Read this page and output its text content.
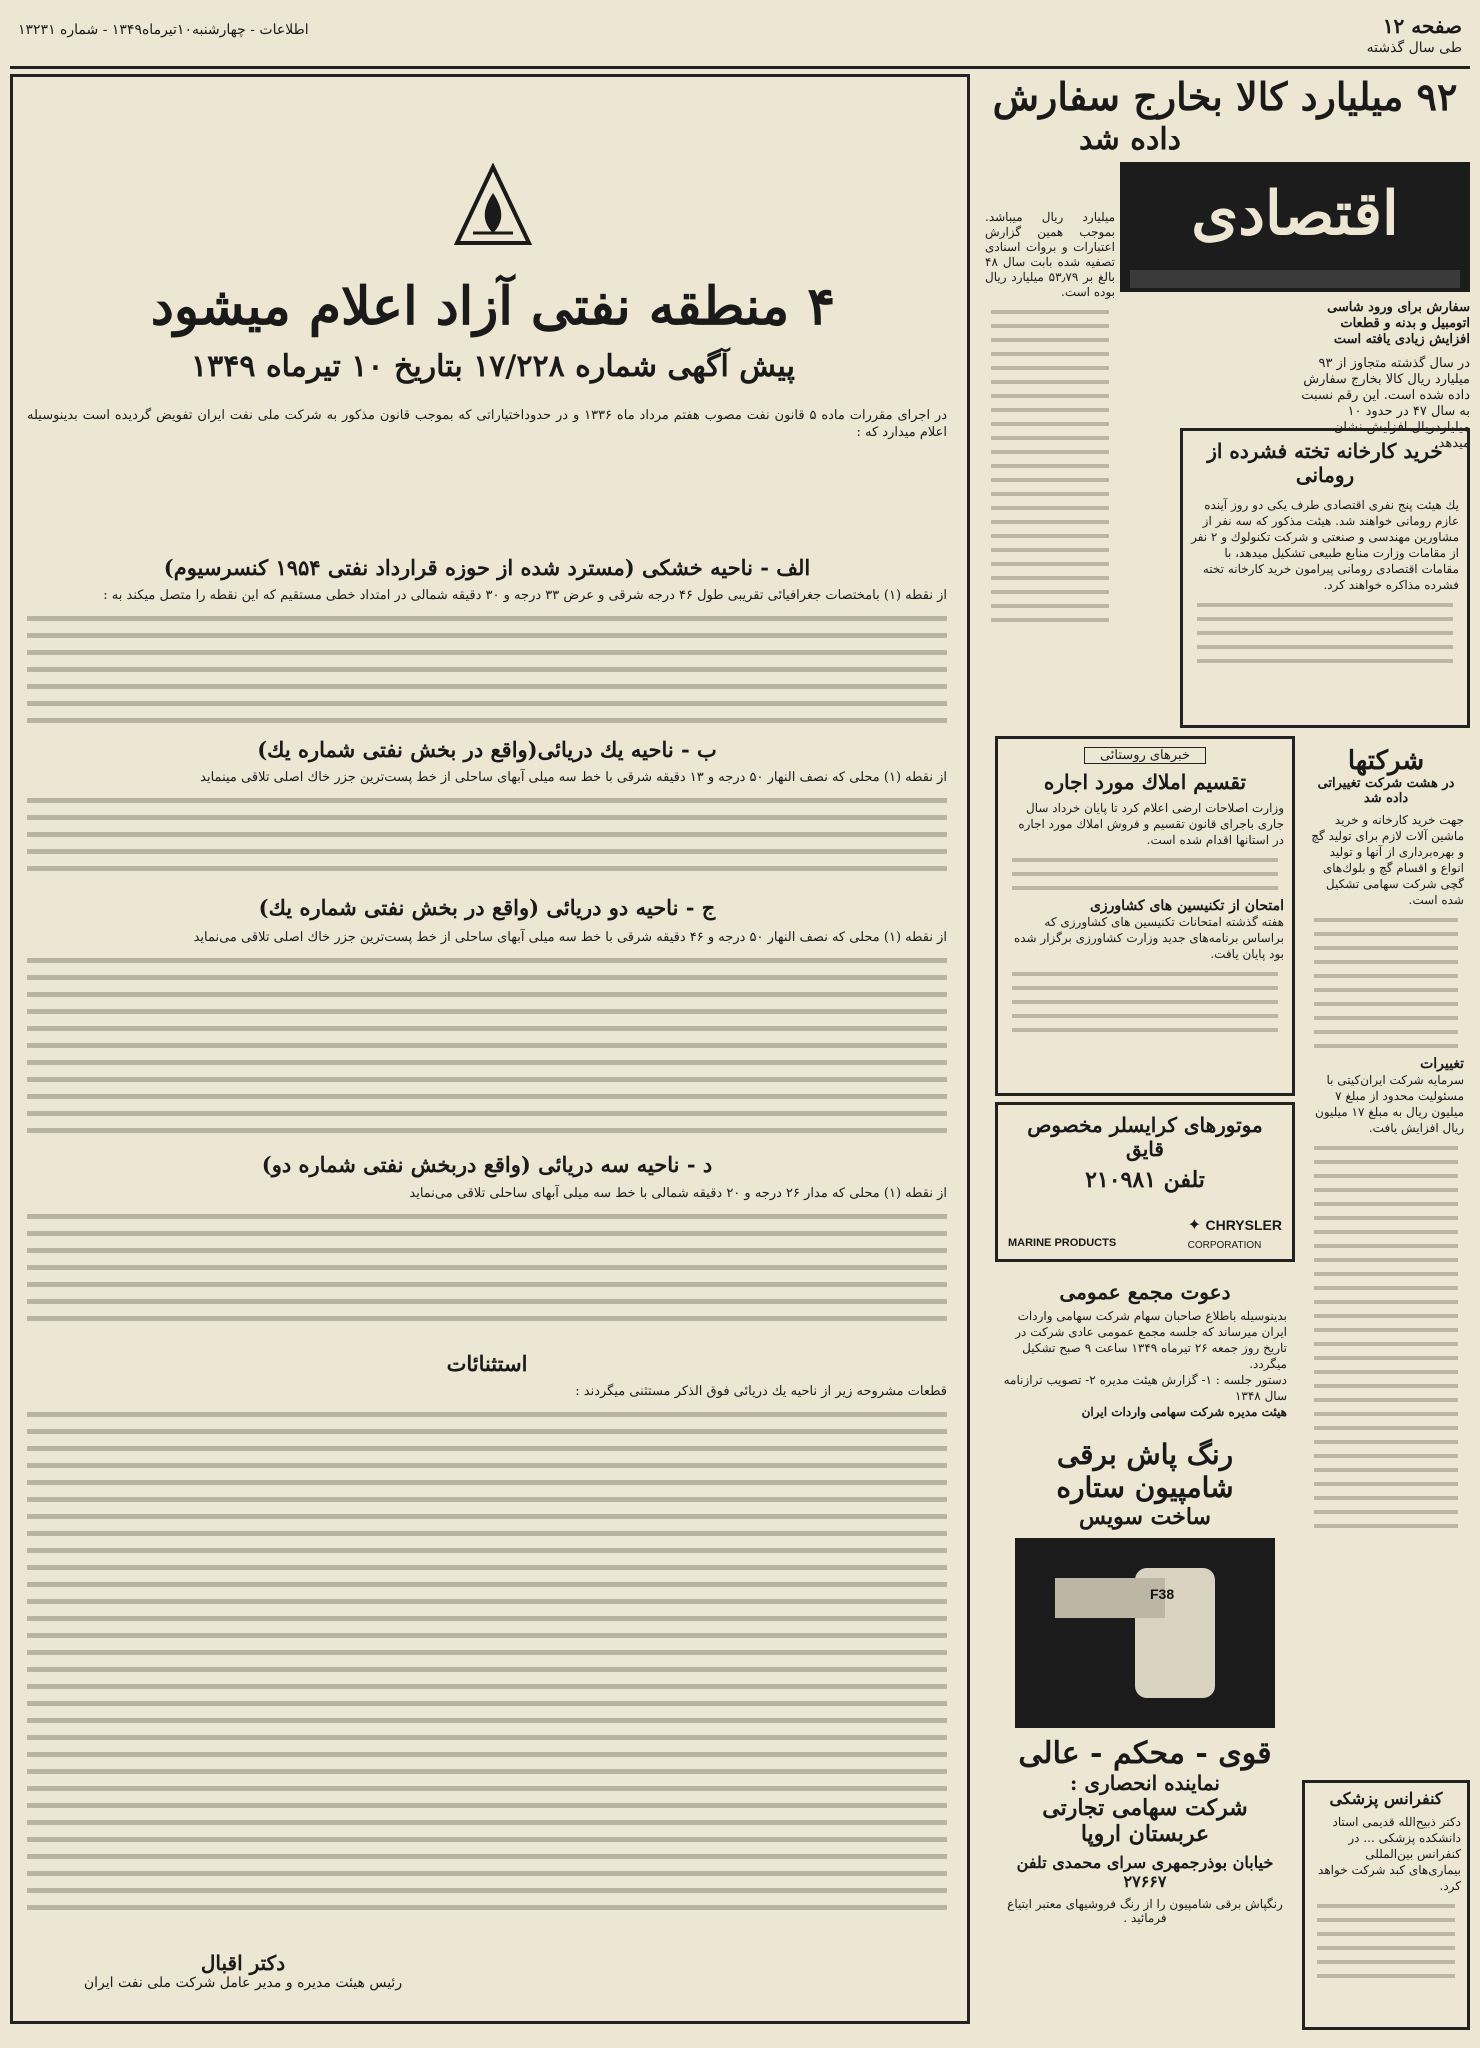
صفحه ۱۲
طی سال گذشته
اطلاعات - چهارشنبه۱۰تیرماه۱۳۴۹ - شماره ۱۳۲۳۱
۴ منطقه نفتی آزاد اعلام میشود
پیش آگهی شماره ۱۷/۲۲۸ بتاریخ ۱۰ تیرماه ۱۳۴۹
در اجرای مقررات ماده ۵ قانون نفت مصوب هفتم مرداد ماه ۱۳۳۶ و در حدوداختیاراتی که بموجب قانون مذکور به شرکت ملی نفت ایران تفویض گردیده است بدینوسیله اعلام میدارد که :
الف - ناحیه خشکی (مسترد شده از حوزه قرارداد نفتی ۱۹۵۴ کنسرسیوم)
از نقطه (۱) بامختصات جغرافیائی تقریبی طول ۴۶ درجه شرقی و عرض ۳۳ درجه و ۳۰ دقیقه شمالی در امتداد خطی مستقیم که این نقطه را متصل میکند به :
ب - ناحیه یك دریائی(واقع در بخش نفتی شماره یك)
از نقطه (۱) محلی که نصف النهار ۵۰ درجه و ۱۳ دقیقه شرقی با خط سه میلی آبهای ساحلی از خط پست‌ترین جزر خاك اصلی تلاقی مینماید
ج - ناحیه دو دریائی (واقع در بخش نفتی شماره یك)
از نقطه (۱) محلی که نصف النهار ۵۰ درجه و ۴۶ دقیقه شرقی با خط سه میلی آبهای ساحلی از خط پست‌ترین جزر خاك اصلی تلاقی می‌نماید
د - ناحیه سه دریائی (واقع دربخش نفتی شماره دو)
از نقطه (۱) محلی که مدار ۲۶ درجه و ۲۰ دقیقه شمالی با خط سه میلی آبهای ساحلی تلاقی می‌نماید
استثنائات
قطعات مشروحه زیر از ناحیه یك دریائی فوق الذکر مستثنی میگردند :
دکتر اقبال
رئیس هیئت مدیره و مدیر عامل شرکت ملی نفت ایران
۹۲ میلیارد کالا بخارج سفارش
داده شد
اقتصادی
سفارش برای ورود شاسی اتومبیل و بدنه و قطعات افزایش زیادی یافته است
در سال گذشته متجاوز از ۹۳ میلیارد ریال کالا بخارج سفارش داده شده است. این رقم نسبت به سال ۴۷ در حدود ۱۰ میلیاردریال افزایش نشان میدهد.
میلیارد ریال میباشد. بموجب همین گزارش اعتبارات و بروات اسنادی تصفیه شده بابت سال ۴۸ بالغ بر ۵۳٫۷۹ میلیارد ریال بوده است.
خرید کارخانه تخته فشرده از رومانی
یك هیئت پنج نفری اقتصادی طرف یکی دو روز آینده عازم رومانی خواهند شد. هیئت مذکور که سه نفر از مشاورین مهندسی و صنعتی و شرکت تکنولوك و ۲ نفر از مقامات وزارت منابع طبیعی تشکیل میدهد، با مقامات اقتصادی رومانی پیرامون خرید کارخانه تخته فشرده مذاکره خواهند کرد.
خبرهای روستائی
تقسیم املاك مورد اجاره
وزارت اصلاحات ارضی اعلام کرد تا پایان خرداد سال جاری باجرای قانون تقسیم و فروش املاك مورد اجاره در استانها اقدام شده است.
امتحان از تکنیسین های کشاورزی
هفته گذشته امتحانات تکنیسین های کشاورزی که براساس برنامه‌های جدید وزارت کشاورزی برگزار شده بود پایان یافت.
موتورهای کرایسلر مخصوص قایق
تلفن ۲۱۰۹۸۱
MARINE PRODUCTS
✦ CHRYSLER
CORPORATION
دعوت مجمع عمومی
بدینوسیله باطلاع صاحبان سهام شرکت سهامی واردات ایران میرساند که جلسه مجمع عمومی عادی شرکت در تاریخ روز جمعه ۲۶ تیرماه ۱۳۴۹ ساعت ۹ صبح تشکیل میگردد.
دستور جلسه : ۱- گزارش هیئت مدیره ۲- تصویب ترازنامه سال ۱۳۴۸
هیئت مدیره شرکت سهامی واردات ایران
رنگ پاش برقی شامپیون ستاره
ساخت سویس
F38
قوی - محکم - عالی
نماینده انحصاری :
شرکت سهامی تجارتی عربستان اروپا
خیابان بوذرجمهری سرای محمدی تلفن ۲۷۶۶۷
رنگپاش برقی شامپیون را از رنگ فروشیهای معتبر ابتیاع فرمائید .
شرکتها
در هشت شرکت تغییراتی داده شد
جهت خرید کارخانه و خرید ماشین آلات لازم برای تولید گچ و بهره‌برداری از آنها و تولید انواع و اقسام گچ و بلوك‌های گچی شرکت سهامی تشکیل شده است.
تغییرات
سرمایه شرکت ایران‌کیتی با مسئولیت محدود از مبلغ ۷ میلیون ریال به مبلغ ۱۷ میلیون ریال افزایش یافت.
کنفرانس پزشکی
دکتر ذبیح‌الله قدیمی استاد دانشکده پزشکی ... در کنفرانس بین‌المللی بیماری‌های کبد شرکت خواهد کرد.
